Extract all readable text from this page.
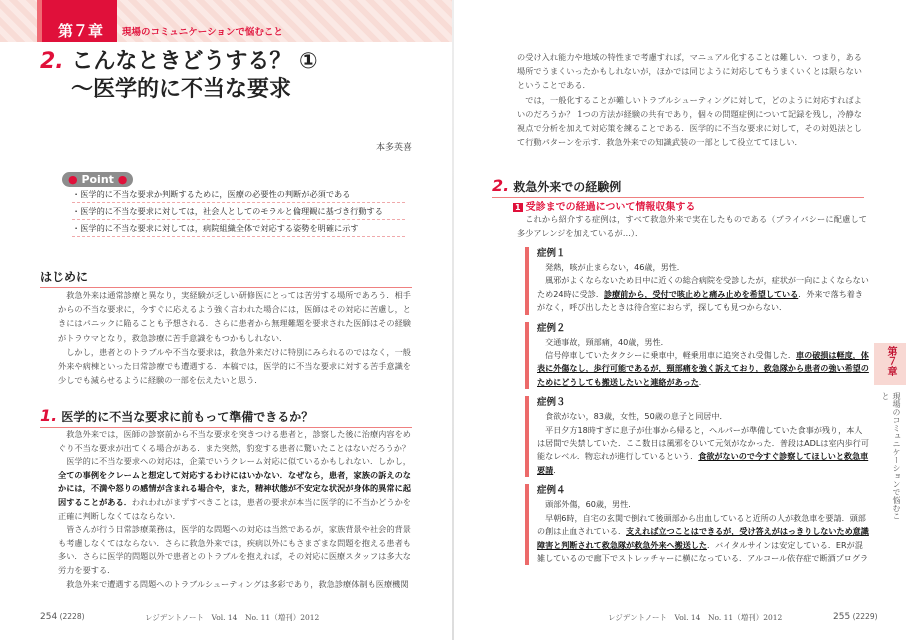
第７章	現場のコミュニケーションで悩むこと
2. こんなときどうする？ ①
〜医学的に不当な要求
本多英喜
● Point ●
・医学的に不当な要求か判断するために，医療の必要性の判断が必須である
・医学的に不当な要求に対しては，社会人としてのモラルと倫理観に基づき行動する
・医学的に不当な要求に対しては，病院組織全体で対応する姿勢を明確に示す
はじめに

救急外来は通常診療と異なり，実経験が乏しい研修医にとっては苦労する場所であろう．相手からの不当な要求に，今すぐに応えるよう強く言われた場合には，医師はその対応に苦慮し，ときにはパニックに陥ることも予想される．さらに患者から無理難題を要求された医師はその経験がトラウマとなり，救急診療に苦手意識をもつかもしれない．

しかし，患者とのトラブルや不当な要求は，救急外来だけに特別にみられるのではなく，一般外来や病棟といった日常診療でも遭遇する．本稿では，医学的に不当な要求に対する苦手意識を少しでも減らせるように経験の一部を伝えたいと思う．

1. 医学的に不当な要求に前もって準備できるか？

救急外来では，医師の診察前から不当な要求を突きつける患者と，診察した後に治療内容をめぐり不当な要求が出てくる場合がある．また突然，豹変する患者に驚いたことはないだろうか？

医学的に不当な要求への対応は，企業でいうクレーム対応に似ているかもしれない．しかし，全ての事例をクレームと想定して対応するわけにはいかない．なぜなら，患者，家族の訴えのなかには，不満や怒りの感情が含まれる場合や，また，精神状態が不安定な状況が身体的異常に起因することがある．われわれがまずすべきことは，患者の要求が本当に医学的に不当かどうかを正確に判断しなくてはならない．

皆さんが行う日常診療業務は，医学的な問題への対応は当然であるが，家族背景や社会的背景も考慮しなくてはならない．さらに救急外来では，疾病以外にもさまざまな問題を抱える患者も多い．さらに医学的問題以外で患者とのトラブルを抱えれば，その対応に医療スタッフは多大な労力を要する．

救急外来で遭遇する問題へのトラブルシューティングは多彩であり，救急診療体制も医療機関

254 (2228)	レジデントノート　Vol. 14　No. 11（増刊）2012

の受け入れ能力や地域の特性まで考慮すれば，マニュアル化することは難しい．つまり，ある場所でうまくいったかもしれないが，ほかでは同じように対応してもうまくいくとは限らないということである．

では，一般化することが難しいトラブルシューティングに対して，どのように対応すればよいのだろうか？ 1つの方法が経験の共有であり，個々の問題症例について記録を残し，冷静な視点で分析を加えて対応策を練ることである．医学的に不当な要求に対して，その対処法として行動パターンを示す．救急外来での知識武装の一部として役立ててほしい．

2. 救急外来での経験例
1 受診までの経過について情報収集する

これから紹介する症例は，すべて救急外来で実在したものである（プライバシーに配慮して多少アレンジを加えているが…）．

症例１

発熱，咳が止まらない，46歳，男性．

風邪がよくならないため日中に近くの総合病院を受診したが，症状が一向によくならないため24時に受診．診療前から，受付で咳止めと痛み止めを希望している．外来で落ち着きがなく，呼び出したときは待合室におらず，探しても見つからない．

症例２

交通事故，頸部痛，40歳，男性．

信号停車していたタクシーに乗車中，軽乗用車に追突され受傷した．車の破損は軽度，体表に外傷なし，歩行可能であるが，頸部痛を強く訴えており，救急隊から患者の強い希望のためにどうしても搬送したいと連絡があった．

症例３

食欲がない，83歳，女性，50歳の息子と同居中．

平日夕方18時すぎに息子が仕事から帰ると，ヘルパーが準備していた食事が残り，本人は居間で失禁していた．ここ数日は風邪をひいて元気がなかった．普段はADLは室内歩行可能なレベル．物忘れが進行しているという．食欲がないので今すぐ診察してほしいと救急車要請．

症例４

頭部外傷，60歳，男性．

早朝6時，自宅の玄関で倒れて後頭部から出血していると近所の人が救急車を要請．頭部の創は止血されている．支えれば立つことはできるが，受け答えがはっきりしないため意識障害と判断されて救急隊が救急外来へ搬送した．バイタルサインは安定している．ERが混雑しているので廊下でストレッチャーに横になっている．アルコール依存症で断酒プログラ

第７章
現場のコミュニケーションで悩むこと
レジデントノート　Vol. 14　No. 11（増刊）2012	255 (2229)
